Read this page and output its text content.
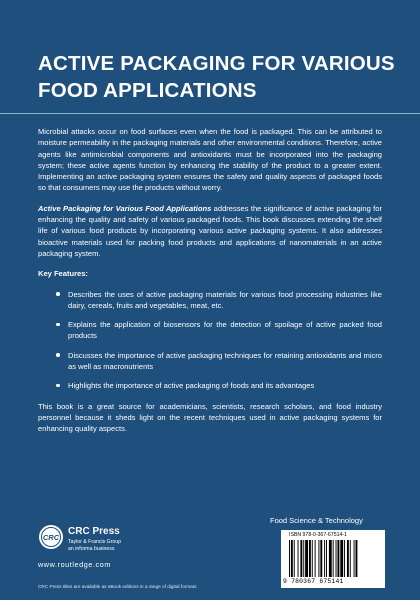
ACTIVE PACKAGING FOR VARIOUS
FOOD APPLICATIONS

Microbial attacks occur on food surfaces even when the food is packaged. This can be attributed to moisture permeability in the packaging materials and other environmental conditions. Therefore, active agents like antimicrobial components and antioxidants must be incorporated into the packaging system; these active agents function by enhancing the stability of the product to a greater extent. Implementing an active packaging system ensures the safety and quality aspects of packaged foods so that consumers may use the products without worry.

Active Packaging for Various Food Applications addresses the significance of active packaging for enhancing the quality and safety of various packaged foods. This book discusses extending the shelf life of various food products by incorporating various active packaging systems. It also addresses bioactive materials used for packing food products and applications of nanomaterials in an active packaging system.

Key Features:

Describes the uses of active packaging materials for various food processing industries like dairy, cereals, fruits and vegetables, meat, etc.
Explains the application of biosensors for the detection of spoilage of active packed food products
Discusses the importance of active packaging techniques for retaining antioxidants and micro as well as macronutrients
Highlights the importance of active packaging of foods and its advantages

This book is a great source for academicians, scientists, research scholars, and food industry personnel because it sheds light on the recent techniques used in active packaging systems for enhancing quality aspects.

Food Science & Technology
ISBN 978-0-367-67514-1
9 780367 675141
CRC
CRC Press
Taylor & Francis Group
an informa business
www.routledge.com
CRC Press titles are available as eBook editions in a range of digital formats
